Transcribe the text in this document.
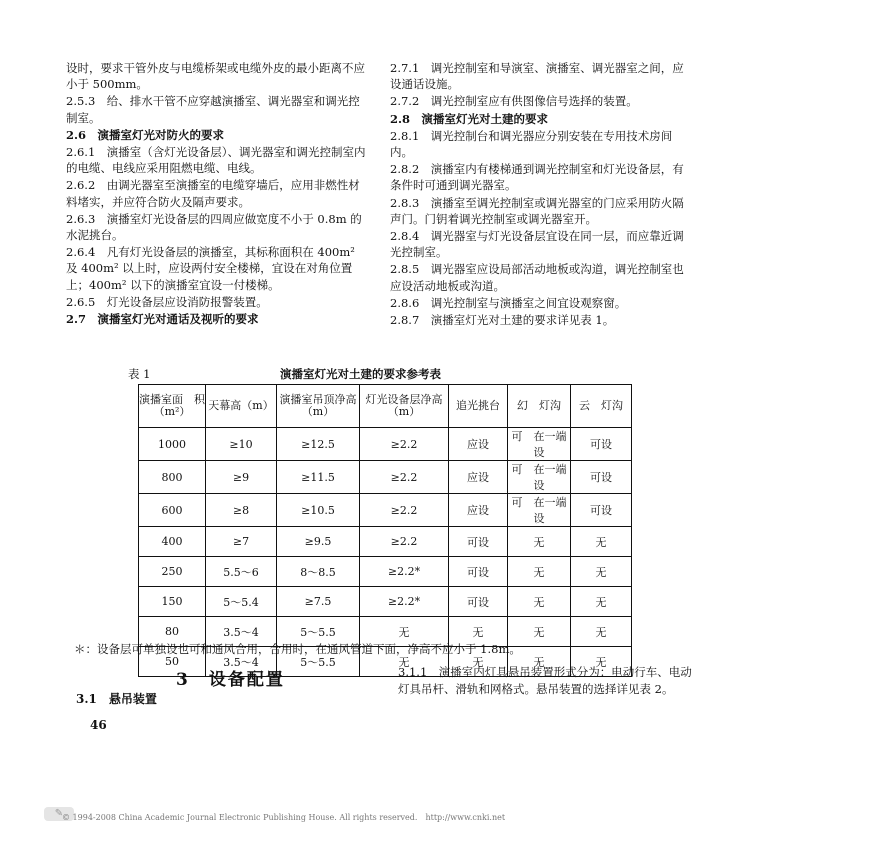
设时，要求干管外皮与电缆桥架或电缆外皮的最小距离不应小于 500mm。

2.5.3　给、排水干管不应穿越演播室、调光器室和调光控制室。

2.6　演播室灯光对防火的要求

2.6.1　演播室（含灯光设备层）、调光器室和调光控制室内的电缆、电线应采用阻燃电缆、电线。

2.6.2　由调光器室至演播室的电缆穿墙后，应用非燃性材料堵实，并应符合防火及隔声要求。

2.6.3　演播室灯光设备层的四周应做宽度不小于 0.8m 的水泥挑台。

2.6.4　凡有灯光设备层的演播室，其标称面积在 400m² 及 400m² 以上时，应设两付安全楼梯，宜设在对角位置上；400m² 以下的演播室宜设一付楼梯。

2.6.5　灯光设备层应设消防报警装置。

2.7　演播室灯光对通话及视听的要求

2.7.1　调光控制室和导演室、演播室、调光器室之间，应设通话设施。

2.7.2　调光控制室应有供图像信号选择的装置。

2.8　演播室灯光对土建的要求

2.8.1　调光控制台和调光器应分别安装在专用技术房间内。

2.8.2　演播室内有楼梯通到调光控制室和灯光设备层，有条件时可通到调光器室。

2.8.3　演播室至调光控制室或调光器室的门应采用防火隔声门。门钥着调光控制室或调光器室开。

2.8.4　调光器室与灯光设备层宜设在同一层，而应靠近调光控制室。

2.8.5　调光器室应设局部活动地板或沟道，调光控制室也应设活动地板或沟道。

2.8.6　调光控制室与演播室之间宜设观察窗。

2.8.7　演播室灯光对土建的要求详见表 1。

表 1	演播室灯光对土建的要求参考表
演播室面　积（m²）	天幕高（m）	演播室吊顶净高（m）	灯光设备层净高（m）	追光挑台	幻　灯沟	云　灯沟
1000	≥10	≥12.5	≥2.2	应设	可　在一端设	可设
800	≥9	≥11.5	≥2.2	应设	可　在一端设	可设
600	≥8	≥10.5	≥2.2	应设	可　在一端设	可设
400	≥7	≥9.5	≥2.2	可设	无	无
250	5.5～6	8～8.5	≥2.2*	可设	无	无
150	5～5.4	≥7.5	≥2.2*	可设	无	无
80	3.5～4	5～5.5	无	无	无	无
50	3.5～4	5～5.5	无	无	无	无
＊：设备层可单独设也可和通风合用，合用时，在通风管道下面，净高不应小于 1.8m。
3　设备配置
3.1　悬吊装置
3.1.1　演播室内灯具悬吊装置形式分为：电动行车、电动灯具吊杆、滑轨和网格式。悬吊装置的选择详见表 2。
46
✎
© 1994-2008 China Academic Journal Electronic Publishing House. All rights reserved.　http://www.cnki.net
